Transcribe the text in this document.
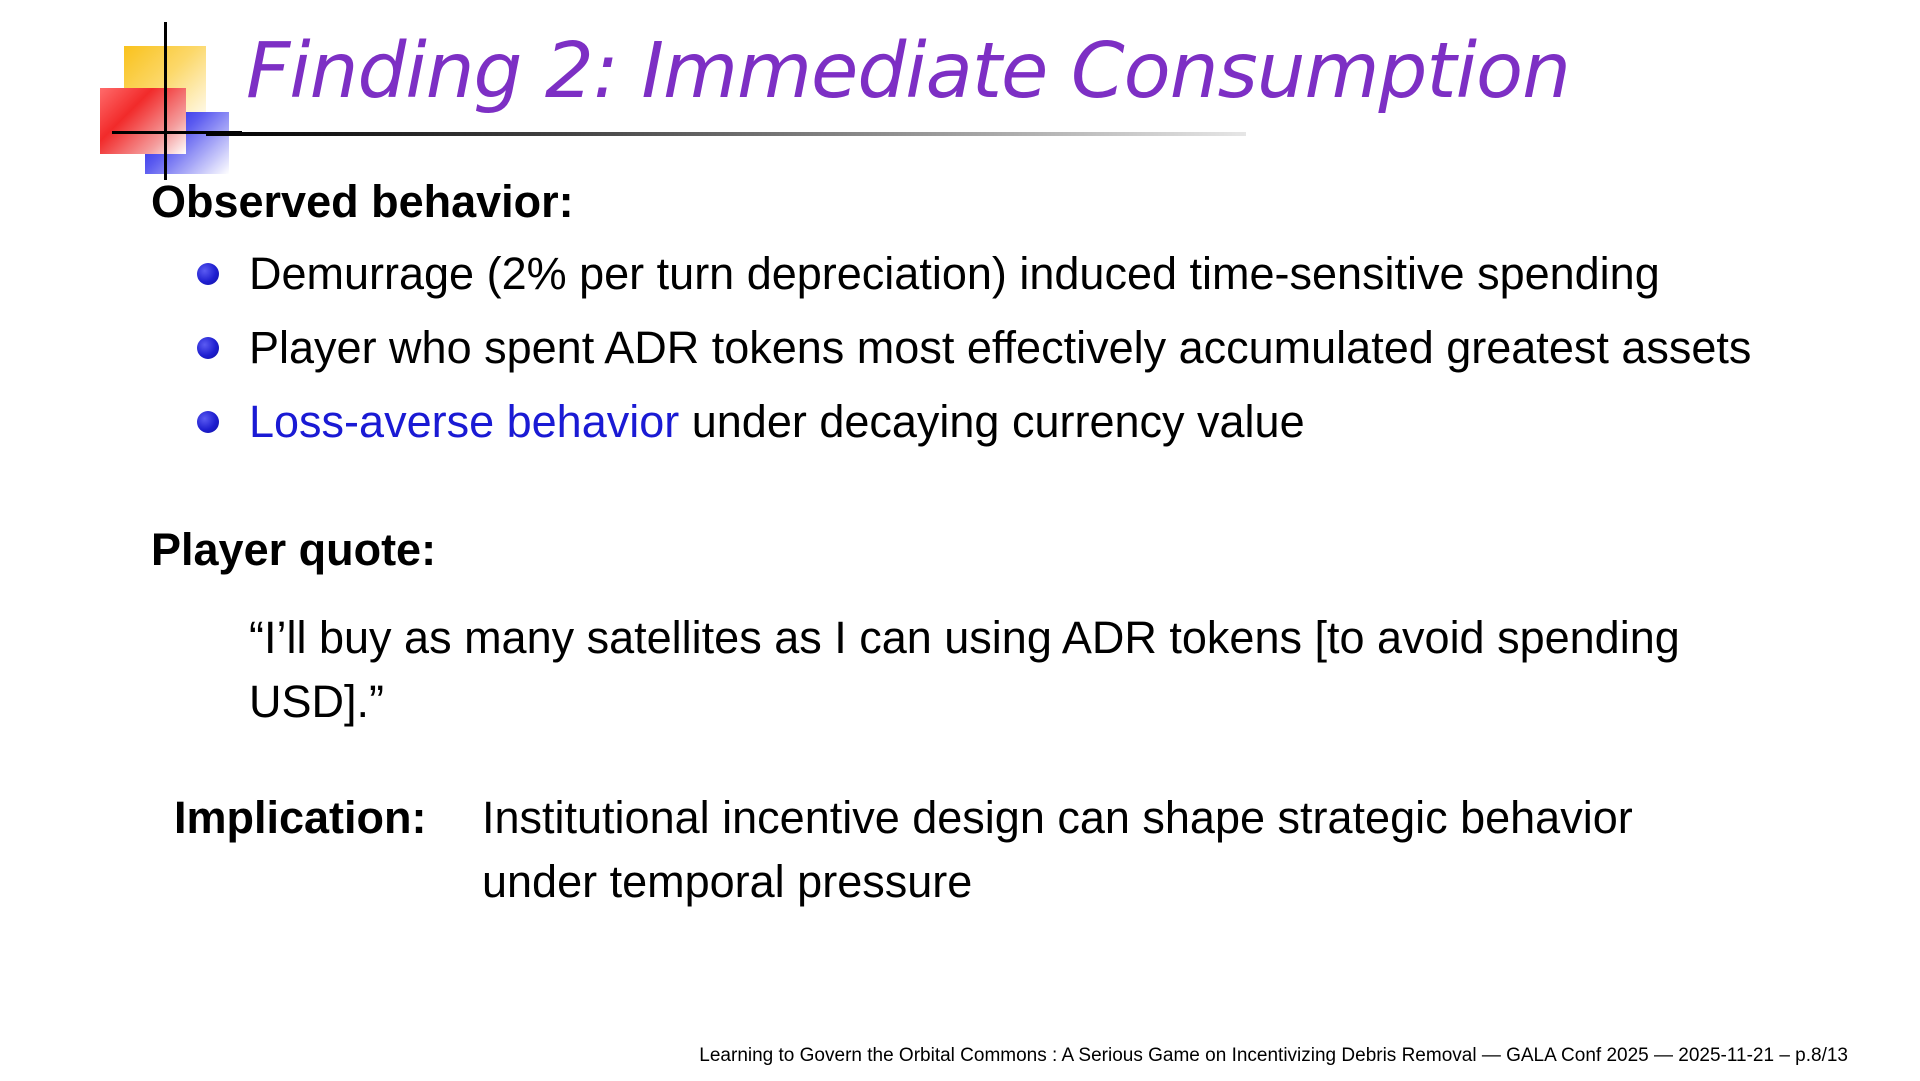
Finding 2: Immediate Consumption
Observed behavior:
Demurrage (2% per turn depreciation) induced time-sensitive spending
Player who spent ADR tokens most effectively accumulated greatest assets
Loss-averse behavior under decaying currency value
Player quote:

“I’ll buy as many satellites as I can using ADR tokens [to avoid spending USD].”

Implication: Institutional incentive design can shape strategic behavior under temporal pressure

Learning to Govern the Orbital Commons : A Serious Game on Incentivizing Debris Removal — GALA Conf 2025 — 2025-11-21 – p.8/13
